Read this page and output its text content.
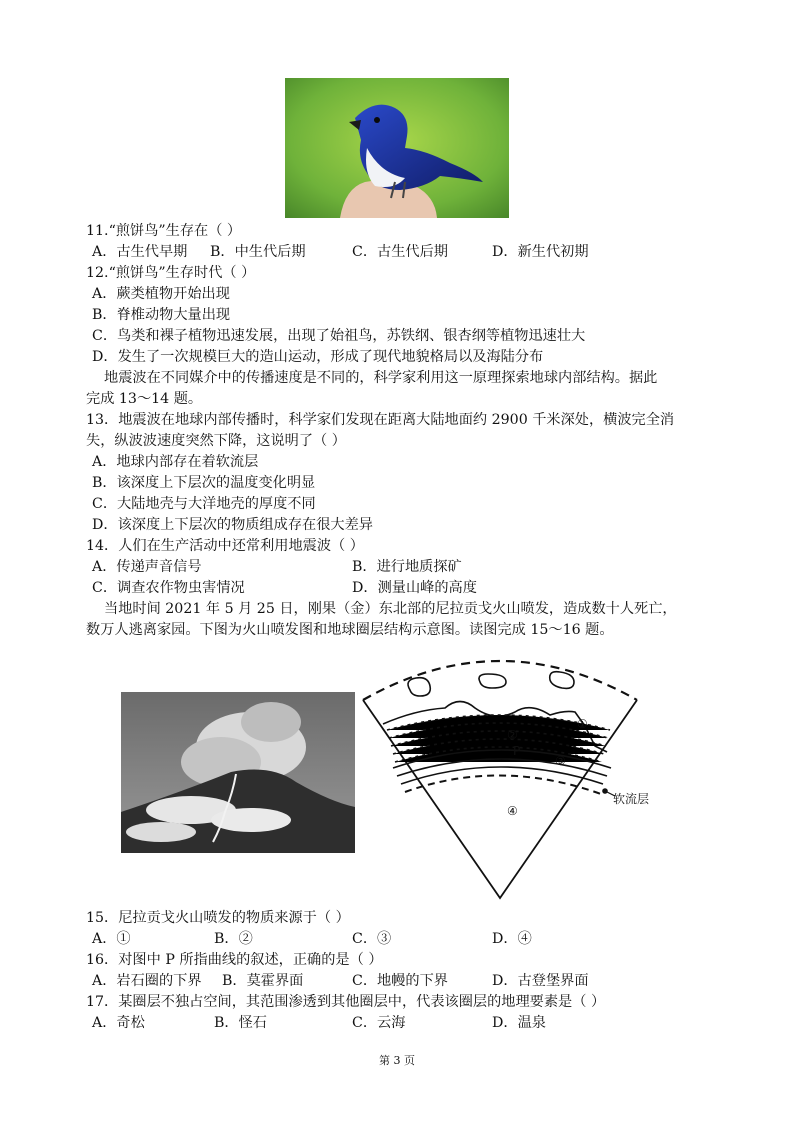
11.“煎饼鸟”生存在（ ）
A．古生代早期 B．中生代后期	C．古生代后期	D．新生代初期
12.“煎饼鸟”生存时代（ ）
A．蕨类植物开始出现
B．脊椎动物大量出现
C．鸟类和裸子植物迅速发展，出现了始祖鸟，苏铁纲、银杏纲等植物迅速壮大
D．发生了一次规模巨大的造山运动，形成了现代地貌格局以及海陆分布
地震波在不同媒介中的传播速度是不同的，科学家利用这一原理探索地球内部结构。据此
完成 13～14 题。
13．地震波在地球内部传播时，科学家们发现在距离大陆地面约 2900 千米深处，横波完全消
失，纵波波速度突然下降，这说明了（ ）
A．地球内部存在着软流层
B．该深度上下层次的温度变化明显
C．大陆地壳与大洋地壳的厚度不同
D．该深度上下层次的物质组成存在很大差异
14．人们在生产活动中还常利用地震波（ ）
A．传递声音信号	B．进行地质探矿
C．调查农作物虫害情况	D．测量山峰的高度
当地时间 2021 年 5 月 25 日，刚果（金）东北部的尼拉贡戈火山喷发，造成数十人死亡，
数万人逃离家园。下图为火山喷发图和地球圈层结构示意图。读图完成 15～16 题。
①
②
P
③
④
软流层
15．尼拉贡戈火山喷发的物质来源于（ ）
A．①	B．②	C．③	D．④
16．对图中 P 所指曲线的叙述，正确的是（ ）
A．岩石圈的下界 B．莫霍界面	C．地幔的下界	D．古登堡界面
17．某圈层不独占空间，其范围渗透到其他圈层中，代表该圈层的地理要素是（ ）
A．奇松	B．怪石	C．云海	D．温泉
第 3 页
